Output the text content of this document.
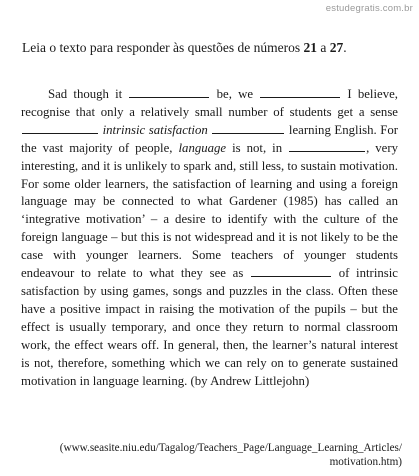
estudegratis.com.br
Leia o texto para responder às questões de números 21 a 27.

Sad though it	be, we	I believe, recognise that only a relatively small number of students get a sense  intrinsic satisfaction	learning English. For the vast majority of people, language is not, in	, very interesting, and it is unlikely to spark and, still less, to sustain motivation. For some older learners, the satisfaction of learning and using a foreign language may be connected to what Gardener (1985) has called an ‘integrative motivation’ – a desire to identify with the culture of the foreign language – but this is not widespread and it is not likely to be the case with younger learners. Some teachers of younger students endeavour to relate to what they see as	of intrinsic satisfaction by using games, songs and puzzles in the class. Often these have a positive impact in raising the motivation of the pupils – but the effect is usually temporary, and once they return to normal classroom work, the effect wears off. In general, then, the learner’s natural interest is not, therefore, something which we can rely on to generate sustained motivation in language learning. (by Andrew Littlejohn)

(www.seasite.niu.edu/Tagalog/Teachers_Page/Language_Learning_Articles/
motivation.htm)
